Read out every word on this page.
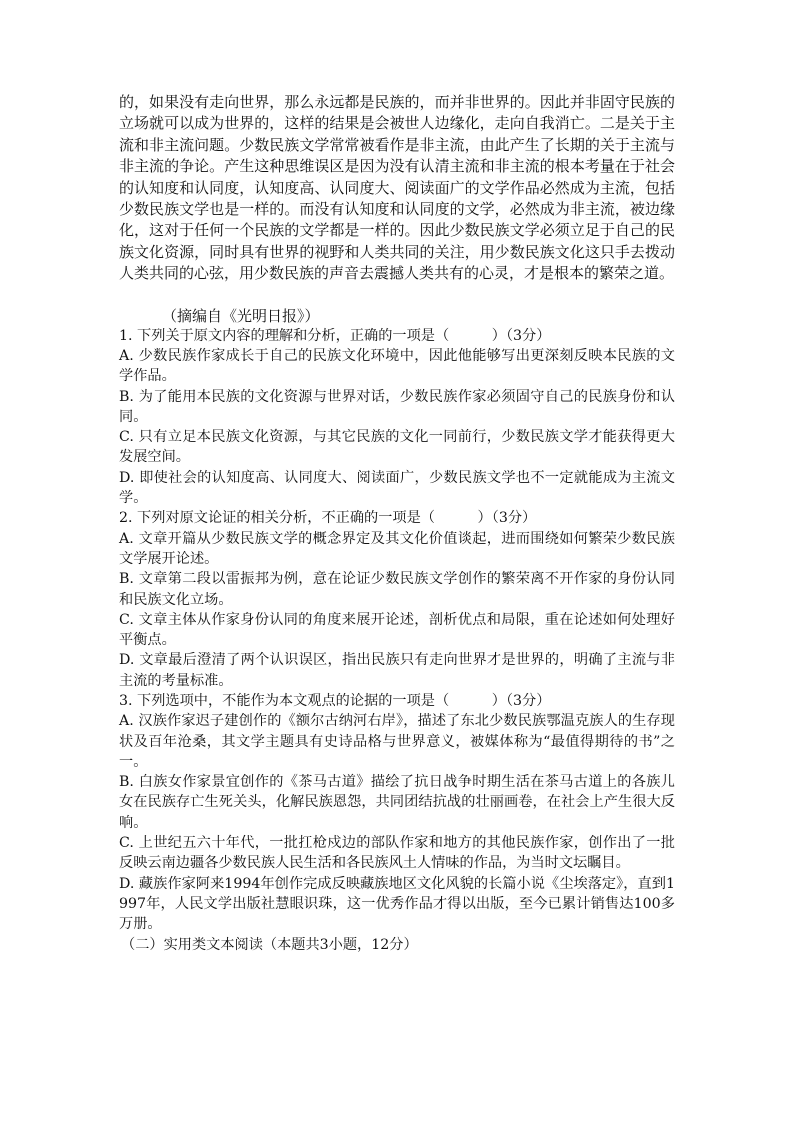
的，如果没有走向世界，那么永远都是民族的，而并非世界的。因此并非固守民族的立场就可以成为世界的，这样的结果是会被世人边缘化，走向自我消亡。二是关于主流和非主流问题。少数民族文学常常被看作是非主流，由此产生了长期的关于主流与非主流的争论。产生这种思维误区是因为没有认清主流和非主流的根本考量在于社会的认知度和认同度，认知度高、认同度大、阅读面广的文学作品必然成为主流，包括少数民族文学也是一样的。而没有认知度和认同度的文学，必然成为非主流，被边缘化，这对于任何一个民族的文学都是一样的。因此少数民族文学必须立足于自己的民族文化资源，同时具有世界的视野和人类共同的关注，用少数民族文化这只手去拨动人类共同的心弦，用少数民族的声音去震撼人类共有的心灵，才是根本的繁荣之道。

（摘编自《光明日报》）

1. 下列关于原文内容的理解和分析，正确的一项是（　　　）（3分）

A. 少数民族作家成长于自己的民族文化环境中，因此他能够写出更深刻反映本民族的文学作品。

B. 为了能用本民族的文化资源与世界对话，少数民族作家必须固守自己的民族身份和认同。

C. 只有立足本民族文化资源，与其它民族的文化一同前行，少数民族文学才能获得更大发展空间。

D. 即使社会的认知度高、认同度大、阅读面广，少数民族文学也不一定就能成为主流文学。

2. 下列对原文论证的相关分析，不正确的一项是（　　　）（3分）

A. 文章开篇从少数民族文学的概念界定及其文化价值谈起，进而围绕如何繁荣少数民族文学展开论述。

B. 文章第二段以雷振邦为例，意在论证少数民族文学创作的繁荣离不开作家的身份认同和民族文化立场。

C. 文章主体从作家身份认同的角度来展开论述，剖析优点和局限，重在论述如何处理好平衡点。

D. 文章最后澄清了两个认识误区，指出民族只有走向世界才是世界的，明确了主流与非主流的考量标准。

3. 下列选项中，不能作为本文观点的论据的一项是（　　　）（3分）

A. 汉族作家迟子建创作的《额尔古纳河右岸》，描述了东北少数民族鄂温克族人的生存现状及百年沧桑，其文学主题具有史诗品格与世界意义，被媒体称为“最值得期待的书”之一。

B. 白族女作家景宜创作的《茶马古道》描绘了抗日战争时期生活在茶马古道上的各族儿女在民族存亡生死关头，化解民族恩怨，共同团结抗战的壮丽画卷，在社会上产生很大反响。

C. 上世纪五六十年代，一批扛枪戍边的部队作家和地方的其他民族作家，创作出了一批反映云南边疆各少数民族人民生活和各民族风土人情味的作品，为当时文坛瞩目。

D. 藏族作家阿来1994年创作完成反映藏族地区文化风貌的长篇小说《尘埃落定》，直到1997年，人民文学出版社慧眼识珠，这一优秀作品才得以出版，至今已累计销售达100多万册。

（二）实用类文本阅读（本题共3小题，12分）
